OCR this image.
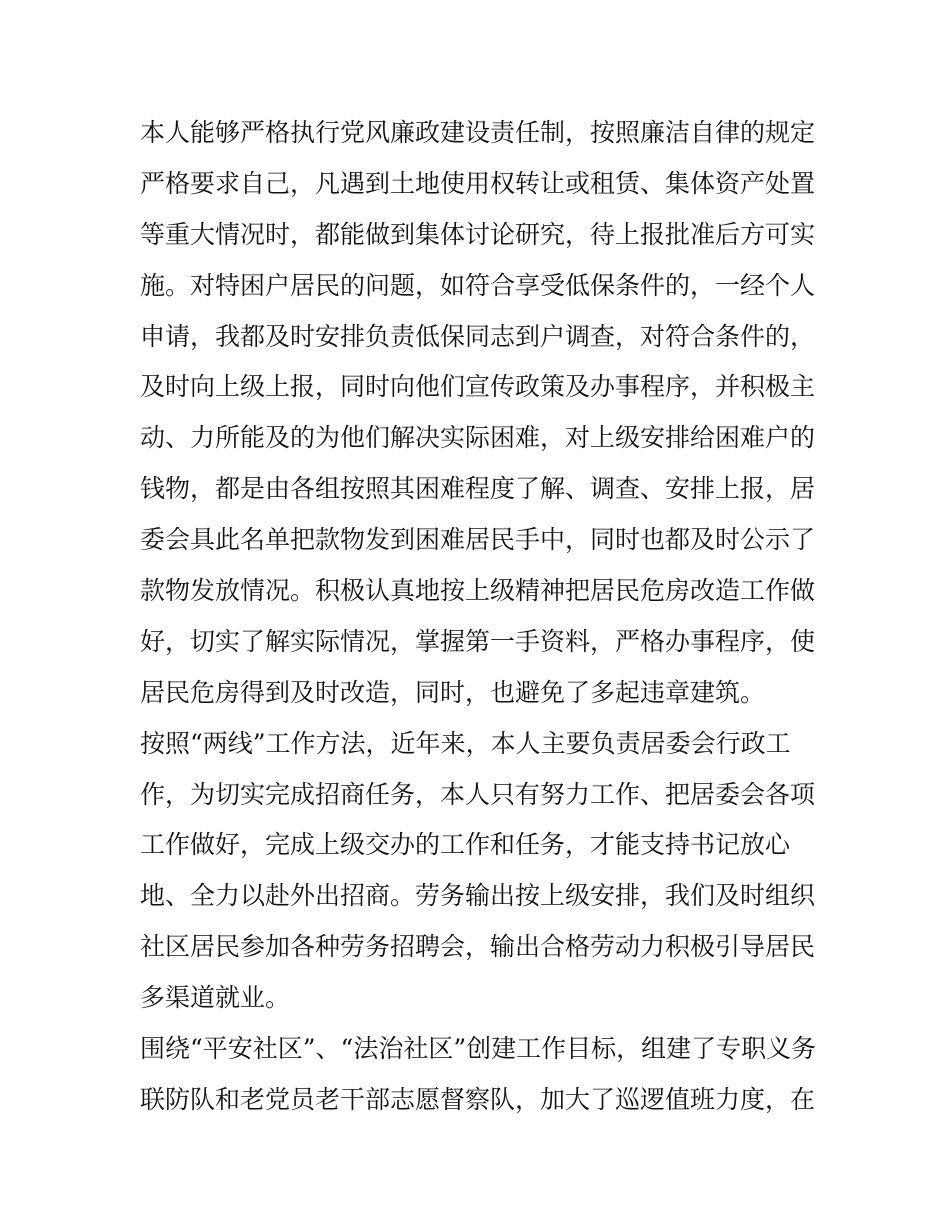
本人能够严格执行党风廉政建设责任制，按照廉洁自律的规定
严格要求自己，凡遇到土地使用权转让或租赁、集体资产处置
等重大情况时，都能做到集体讨论研究，待上报批准后方可实
施。对特困户居民的问题，如符合享受低保条件的，一经个人
申请，我都及时安排负责低保同志到户调查，对符合条件的，
及时向上级上报，同时向他们宣传政策及办事程序，并积极主
动、力所能及的为他们解决实际困难，对上级安排给困难户的
钱物，都是由各组按照其困难程度了解、调查、安排上报，居
委会具此名单把款物发到困难居民手中，同时也都及时公示了
款物发放情况。积极认真地按上级精神把居民危房改造工作做
好，切实了解实际情况，掌握第一手资料，严格办事程序，使
居民危房得到及时改造，同时，也避免了多起违章建筑。
按照“两线”工作方法，近年来，本人主要负责居委会行政工
作，为切实完成招商任务，本人只有努力工作、把居委会各项
工作做好，完成上级交办的工作和任务，才能支持书记放心
地、全力以赴外出招商。劳务输出按上级安排，我们及时组织
社区居民参加各种劳务招聘会，输出合格劳动力积极引导居民
多渠道就业。
围绕“平安社区”、“法治社区”创建工作目标，组建了专职义务
联防队和老党员老干部志愿督察队，加大了巡逻值班力度，在
